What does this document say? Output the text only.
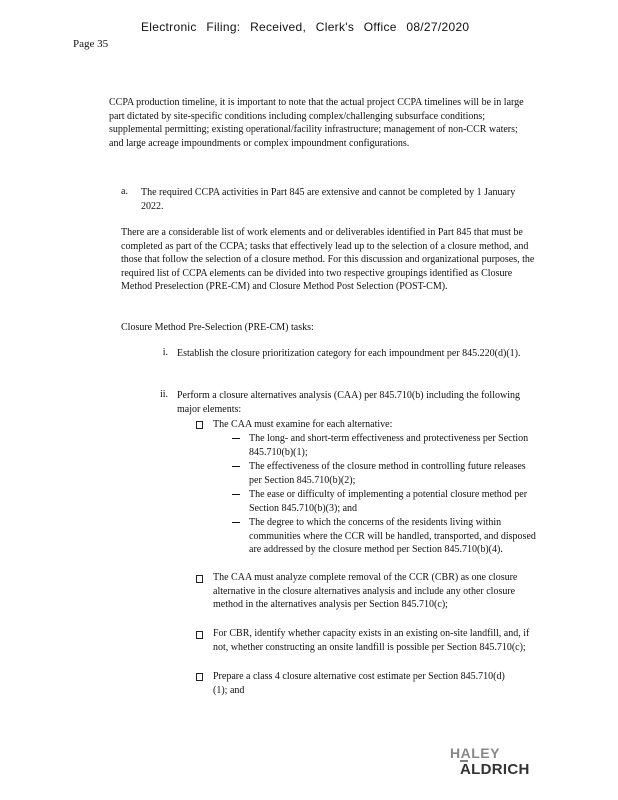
Electronic Filing: Received, Clerk's Office 08/27/2020
Page 35
CCPA production timeline, it is important to note that the actual project CCPA timelines will be in large part dictated by site-specific conditions including complex/challenging subsurface conditions; supplemental permitting; existing operational/facility infrastructure; management of non-CCR waters; and large acreage impoundments or complex impoundment configurations.
a. The required CCPA activities in Part 845 are extensive and cannot be completed by 1 January 2022.
There are a considerable list of work elements and or deliverables identified in Part 845 that must be completed as part of the CCPA; tasks that effectively lead up to the selection of a closure method, and those that follow the selection of a closure method. For this discussion and organizational purposes, the required list of CCPA elements can be divided into two respective groupings identified as Closure Method Preselection (PRE-CM) and Closure Method Post Selection (POST-CM).
Closure Method Pre-Selection (PRE-CM) tasks:
i. Establish the closure prioritization category for each impoundment per 845.220(d)(1).
ii. Perform a closure alternatives analysis (CAA) per 845.710(b) including the following major elements:
The CAA must examine for each alternative:
The long- and short-term effectiveness and protectiveness per Section 845.710(b)(1);
The effectiveness of the closure method in controlling future releases per Section 845.710(b)(2);
The ease or difficulty of implementing a potential closure method per Section 845.710(b)(3); and
The degree to which the concerns of the residents living within communities where the CCR will be handled, transported, and disposed are addressed by the closure method per Section 845.710(b)(4).
The CAA must analyze complete removal of the CCR (CBR) as one closure alternative in the closure alternatives analysis and include any other closure method in the alternatives analysis per Section 845.710(c);
For CBR, identify whether capacity exists in an existing on-site landfill, and, if not, whether constructing an onsite landfill is possible per Section 845.710(c);
Prepare a class 4 closure alternative cost estimate per Section 845.710(d)(1); and
HALEY
ALDRICH
